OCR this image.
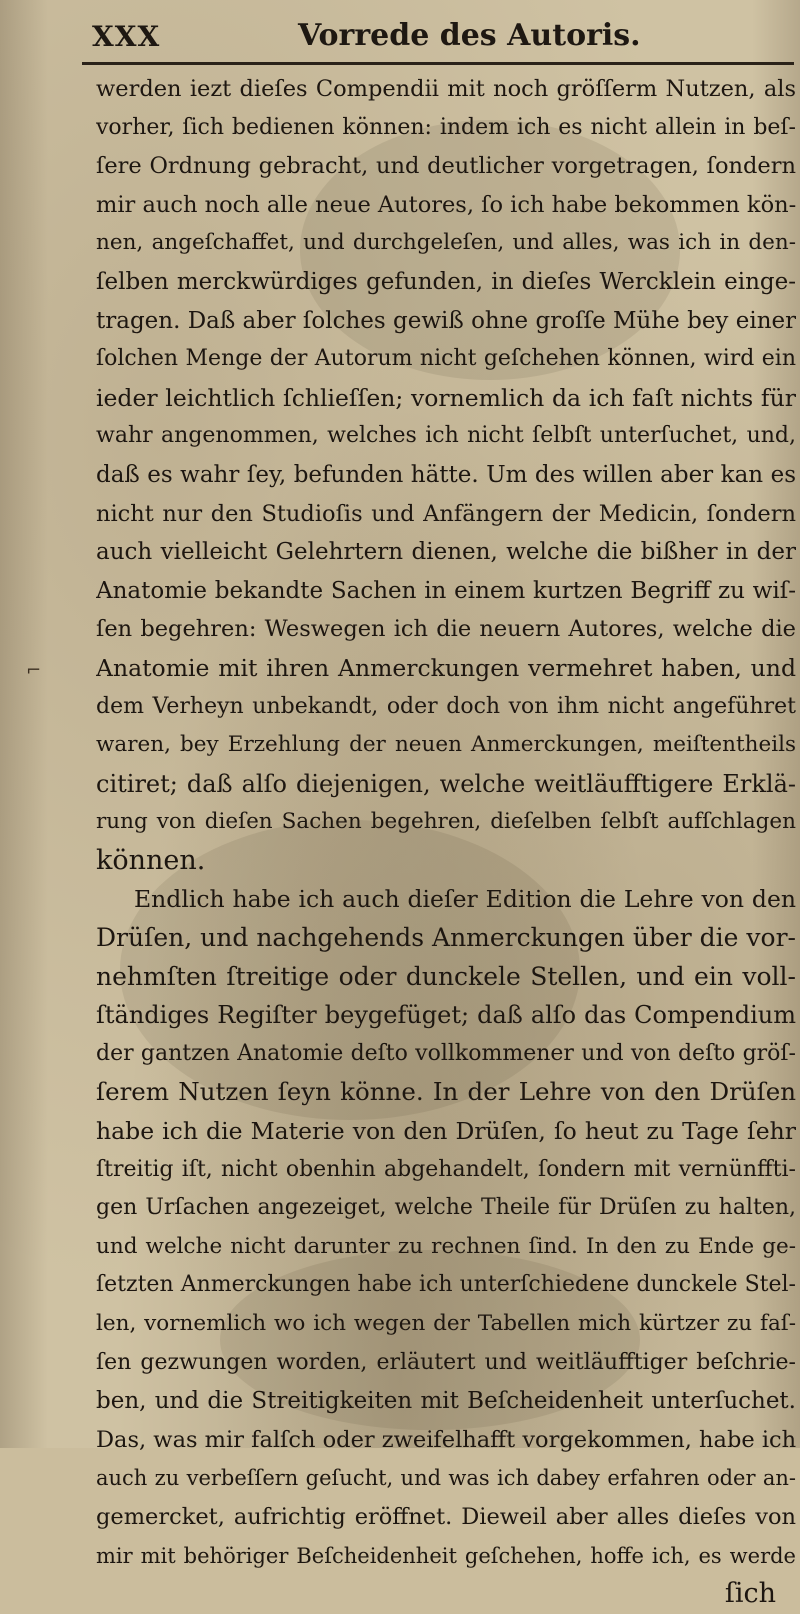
XXX	Vorrede des Autoris.
⌐
werden iezt dieſes Compendii mit noch gröſſerm Nutzen, als
vorher, ſich bedienen können: indem ich es nicht allein in beſ-
ſere Ordnung gebracht, und deutlicher vorgetragen, ſondern
mir auch noch alle neue Autores, ſo ich habe bekommen kön-
nen, angeſchaffet, und durchgeleſen, und alles, was ich in den-
ſelben merckwürdiges gefunden, in dieſes Wercklein einge-
tragen. Daß aber ſolches gewiß ohne groſſe Mühe bey einer
ſolchen Menge der Autorum nicht geſchehen können, wird ein
ieder leichtlich ſchlieſſen; vornemlich da ich faſt nichts für
wahr angenommen, welches ich nicht ſelbſt unterſuchet, und,
daß es wahr ſey, befunden hätte. Um des willen aber kan es
nicht nur den Studioſis und Anfängern der Medicin, ſondern
auch vielleicht Gelehrtern dienen, welche die bißher in der
Anatomie bekandte Sachen in einem kurtzen Begriff zu wiſ-
ſen begehren: Weswegen ich die neuern Autores, welche die
Anatomie mit ihren Anmerckungen vermehret haben, und
dem Verheyn unbekandt, oder doch von ihm nicht angeführet
waren, bey Erzehlung der neuen Anmerckungen, meiſtentheils
citiret; daß alſo diejenigen, welche weitläufftigere Erklä-
rung von dieſen Sachen begehren, dieſelben ſelbſt aufſchlagen
können.
Endlich habe ich auch dieſer Edition die Lehre von den
Drüſen, und nachgehends Anmerckungen über die vor-
nehmſten ſtreitige oder dunckele Stellen, und ein voll-
ſtändiges Regiſter beygefüget; daß alſo das Compendium
der gantzen Anatomie deſto vollkommener und von deſto gröſ-
ſerem Nutzen ſeyn könne. In der Lehre von den Drüſen
habe ich die Materie von den Drüſen, ſo heut zu Tage ſehr
ſtreitig iſt, nicht obenhin abgehandelt, ſondern mit vernünffti-
gen Urſachen angezeiget, welche Theile für Drüſen zu halten,
und welche nicht darunter zu rechnen ſind. In den zu Ende ge-
ſetzten Anmerckungen habe ich unterſchiedene dunckele Stel-
len, vornemlich wo ich wegen der Tabellen mich kürtzer zu faſ-
ſen gezwungen worden, erläutert und weitläufftiger beſchrie-
ben, und die Streitigkeiten mit Beſcheidenheit unterſuchet.
Das, was mir falſch oder zweifelhafft vorgekommen, habe ich
auch zu verbeſſern geſucht, und was ich dabey erfahren oder an-
gemercket, aufrichtig eröffnet. Dieweil aber alles dieſes von
mir mit behöriger Beſcheidenheit geſchehen, hoffe ich, es werde
ſich
